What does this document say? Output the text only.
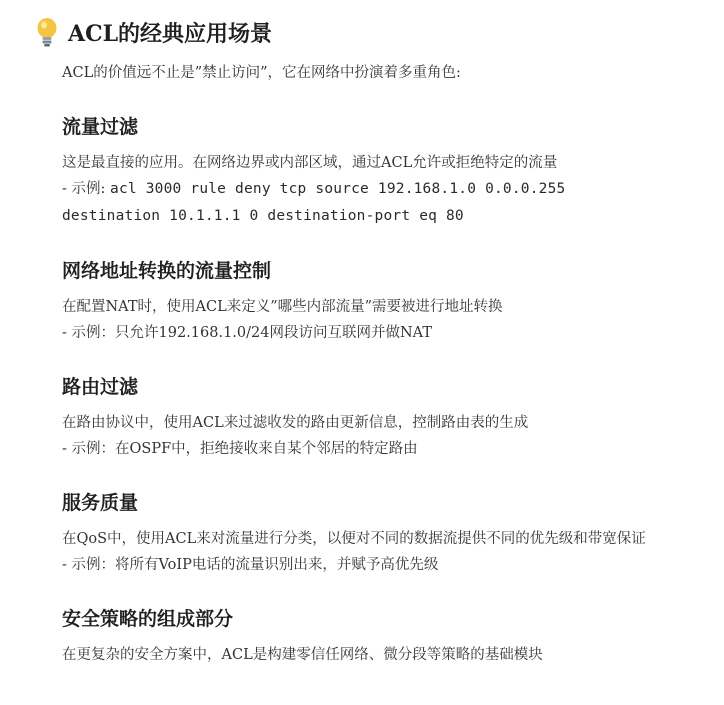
ACL的经典应用场景

ACL的价值远不止是”禁止访问”，它在网络中扮演着多重角色:

流量过滤

这是最直接的应用。在网络边界或内部区域，通过ACL允许或拒绝特定的流量

- 示例: acl 3000 rule deny tcp source 192.168.1.0 0.0.0.255

destination 10.1.1.1 0 destination-port eq 80

网络地址转换的流量控制

在配置NAT时，使用ACL来定义”哪些内部流量”需要被进行地址转换

- 示例：只允许192.168.1.0/24网段访问互联网并做NAT

路由过滤

在路由协议中，使用ACL来过滤收发的路由更新信息，控制路由表的生成

- 示例：在OSPF中，拒绝接收来自某个邻居的特定路由

服务质量

在QoS中，使用ACL来对流量进行分类，以便对不同的数据流提供不同的优先级和带宽保证

- 示例：将所有VoIP电话的流量识别出来，并赋予高优先级

安全策略的组成部分

在更复杂的安全方案中，ACL是构建零信任网络、微分段等策略的基础模块
